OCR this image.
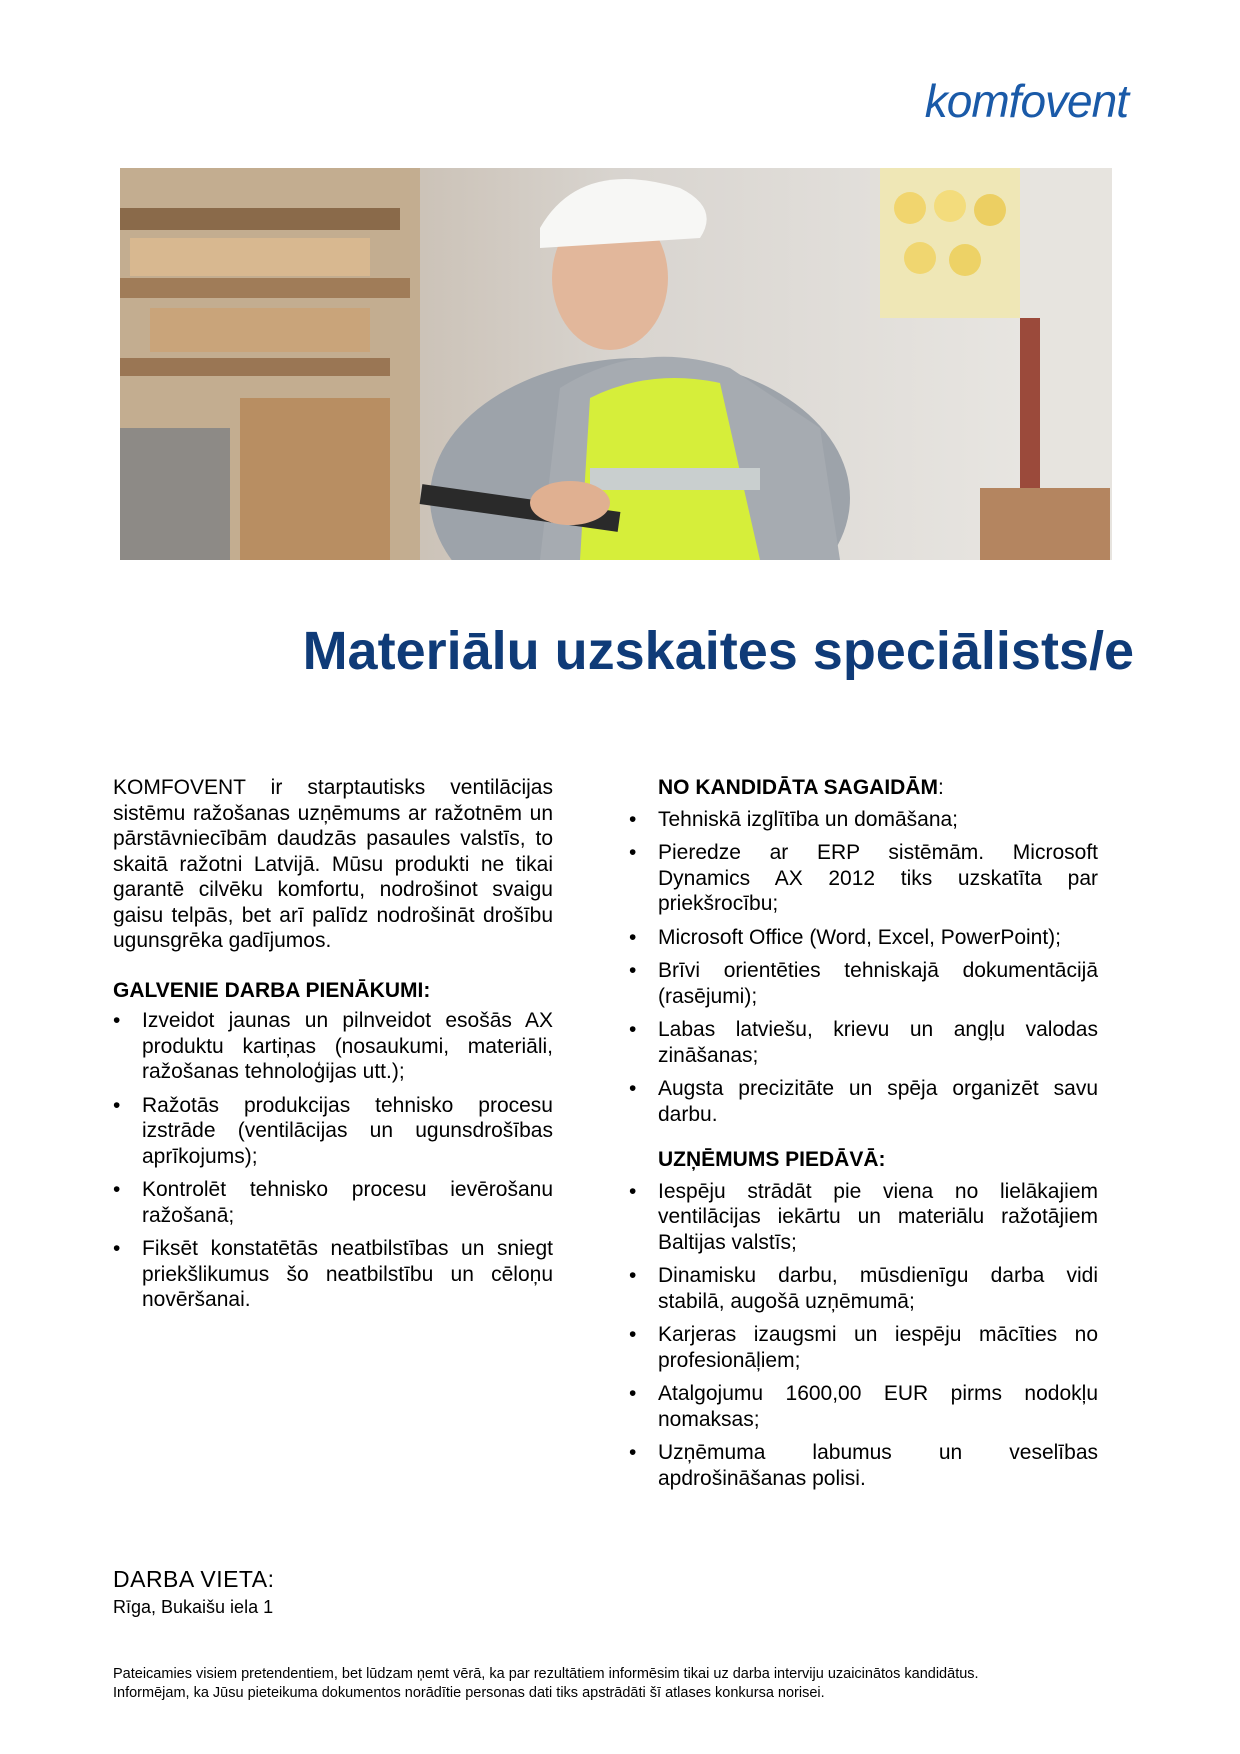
komfovent
Materiālu uzskaites speciālists/e

KOMFOVENT ir starptautisks ventilācijas sistēmu ražošanas uzņēmums ar ražotnēm un pārstāvniecībām daudzās pasaules valstīs, to skaitā ražotni Latvijā. Mūsu produkti ne tikai garantē cilvēku komfortu, nodrošinot svaigu gaisu telpās, bet arī palīdz nodrošināt drošību ugunsgrēka gadījumos.

GALVENIE DARBA PIENĀKUMI:
• Izveidot jaunas un pilnveidot esošās AX produktu kartiņas (nosaukumi, materiāli, ražošanas tehnoloģijas utt.);
• Ražotās produkcijas tehnisko procesu izstrāde (ventilācijas un ugunsdrošības aprīkojums);
• Kontrolēt tehnisko procesu ievērošanu ražošanā;
• Fiksēt konstatētās neatbilstības un sniegt priekšlikumus šo neatbilstību un cēloņu novēršanai.
NO KANDIDĀTA SAGAIDĀM:
• Tehniskā izglītība un domāšana;
• Pieredze ar ERP sistēmām. Microsoft Dynamics AX 2012 tiks uzskatīta par priekšrocību;
• Microsoft Office (Word, Excel, PowerPoint);
• Brīvi orientēties tehniskajā dokumentācijā (rasējumi);
• Labas latviešu, krievu un angļu valodas zināšanas;
• Augsta precizitāte un spēja organizēt savu darbu.
UZŅĒMUMS PIEDĀVĀ:
• Iespēju strādāt pie viena no lielākajiem ventilācijas iekārtu un materiālu ražotājiem Baltijas valstīs;
• Dinamisku darbu, mūsdienīgu darba vidi stabilā, augošā uzņēmumā;
• Karjeras izaugsmi un iespēju mācīties no profesionāļiem;
• Atalgojumu 1600,00 EUR pirms nodokļu nomaksas;
• Uzņēmuma labumus un veselības apdrošināšanas polisi.
DARBA VIETA:
Rīga, Bukaišu iela 1
Pateicamies visiem pretendentiem, bet lūdzam ņemt vērā, ka par rezultātiem informēsim tikai uz darba interviju uzaicinātos kandidātus.
Informējam, ka Jūsu pieteikuma dokumentos norādītie personas dati tiks apstrādāti šī atlases konkursa norisei.
